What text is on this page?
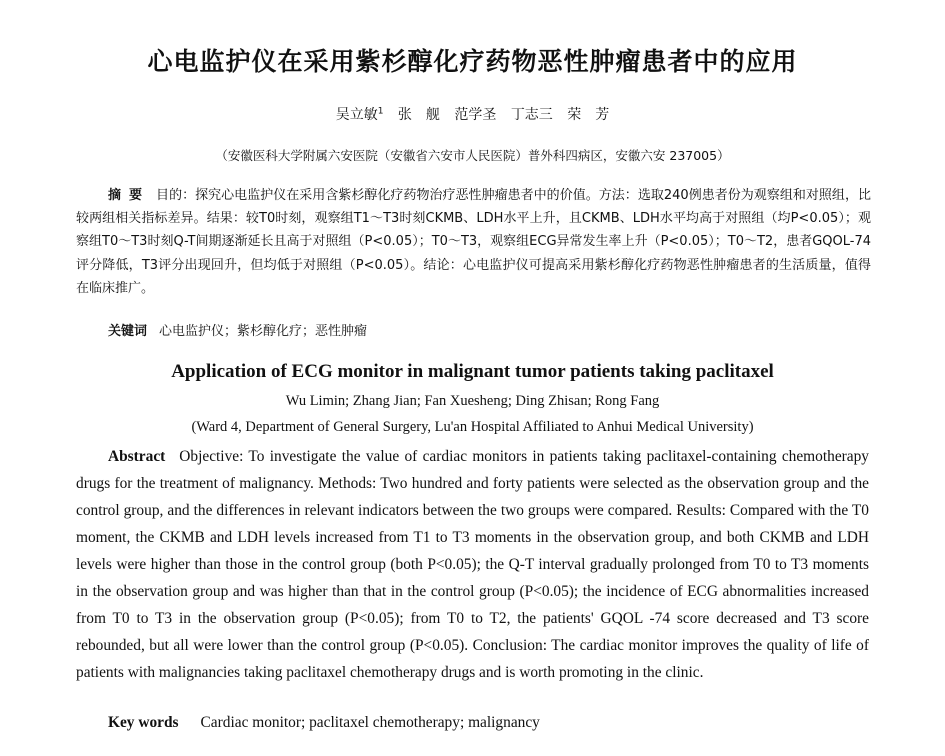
心电监护仪在采用紫杉醇化疗药物恶性肿瘤患者中的应用
吴立敏$^1$ 张　舰 范学圣 丁志三 荣　芳
（安徽医科大学附属六安医院（安徽省六安市人民医院）普外科四病区，安徽六安 237005）

摘要 目的：探究心电监护仪在采用含紫杉醇化疗药物治疗恶性肿瘤患者中的价值。方法：选取240例患者份为观察组和对照组，比较两组相关指标差异。结果：较T0时刻，观察组T1～T3时刻CKMB、LDH水平上升，且CKMB、LDH水平均高于对照组（均P<0.05）；观察组T0～T3时刻Q-T间期逐渐延长且高于对照组（P<0.05）；T0～T3，观察组ECG异常发生率上升（P<0.05）；T0～T2，患者GQOL-74评分降低，T3评分出现回升，但均低于对照组（P<0.05）。结论：心电监护仪可提高采用紫杉醇化疗药物恶性肿瘤患者的生活质量，值得在临床推广。

关键词 心电监护仪；紫杉醇化疗；恶性肿瘤
Application of ECG monitor in malignant tumor patients taking paclitaxel
Wu Limin; Zhang Jian; Fan Xuesheng; Ding Zhisan; Rong Fang
(Ward 4, Department of General Surgery, Lu'an Hospital Affiliated to Anhui Medical University)

Abstract Objective: To investigate the value of cardiac monitors in patients taking paclitaxel-containing chemotherapy drugs for the treatment of malignancy. Methods: Two hundred and forty patients were selected as the observation group and the control group, and the differences in relevant indicators between the two groups were compared. Results: Compared with the T0 moment, the CKMB and LDH levels increased from T1 to T3 moments in the observation group, and both CKMB and LDH levels were higher than those in the control group (both P<0.05); the Q-T interval gradually prolonged from T0 to T3 moments in the observation group and was higher than that in the control group (P<0.05); the incidence of ECG abnormalities increased from T0 to T3 in the observation group (P<0.05); from T0 to T2, the patients' GQOL -74 score decreased and T3 score rebounded, but all were lower than the control group (P<0.05). Conclusion: The cardiac monitor improves the quality of life of patients with malignancies taking paclitaxel chemotherapy drugs and is worth promoting in the clinic.

Key words Cardiac monitor; paclitaxel chemotherapy; malignancy
